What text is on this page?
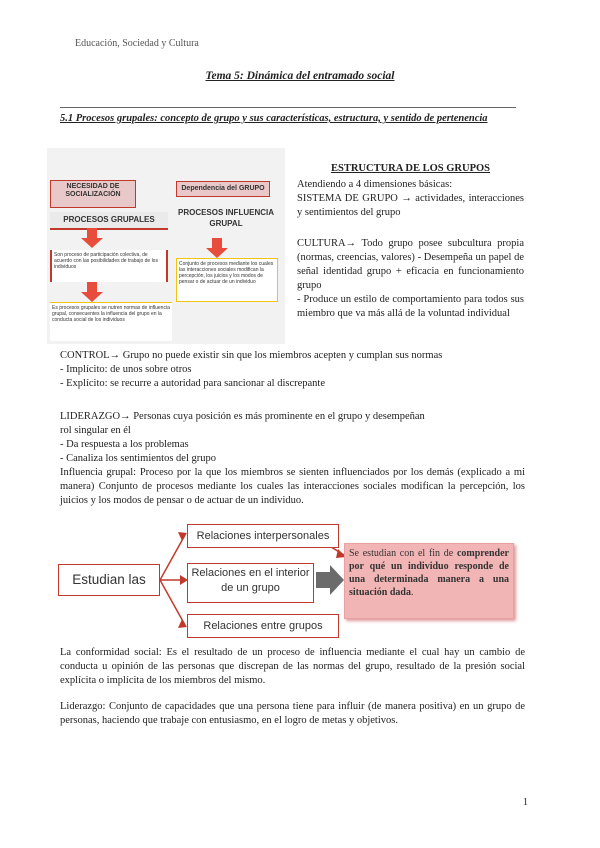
Educación, Sociedad y Cultura
Tema 5: Dinámica del entramado social
5.1 Procesos grupales: concepto de grupo y sus características, estructura, y sentido de pertenencia
NECESIDAD DE SOCIALIZACIÓN
Dependencia del GRUPO
PROCESOS GRUPALES
PROCESOS INFLUENCIA GRUPAL
Son proceso de participación colectiva, de acuerdo con las posibilidades de trabajo de los individuos	Conjunto de procesos mediante los cuales las interacciones sociales modifican la percepción, los juicios y los modos de pensar o de actuar de un individuo
Es procesos grupales se nutren normas de influencia grupal, consecuentes la influencia del grupo en la conducta social de los individuos
ESTRUCTURA DE LOS GRUPOS
Atendiendo a 4 dimensiones básicas:
SISTEMA DE GRUPO → actividades, interacciones y sentimientos del grupo
CULTURA→ Todo grupo posee subcultura propia (normas, creencias, valores) - Desempeña un papel de señal identidad grupo + eficacia en funcionamiento grupo
- Produce un estilo de comportamiento para todos sus miembro que va más allá de la voluntad individual
CONTROL→ Grupo no puede existir sin que los miembros acepten y cumplan sus normas
- Implícito: de unos sobre otros
- Explícito: se recurre a autoridad para sancionar al discrepante
LIDERAZGO→ Personas cuya posición es más prominente en el grupo y desempeñan
rol singular en él
- Da respuesta a los problemas
- Canaliza los sentimientos del grupo
Influencia grupal: Proceso por la que los miembros se sienten influenciados por los demás (explicado a mi manera) Conjunto de procesos mediante los cuales las interacciones sociales modifican la percepción, los juicios y los modos de pensar o de actuar de un individuo.
Estudian las
Relaciones interpersonales
Relaciones en el interior de un grupo
Relaciones entre grupos
Se estudian con el fin de comprender por qué un individuo responde de una determinada manera a una situación dada.
La conformidad social: Es el resultado de un proceso de influencia mediante el cual hay un cambio de conducta u opinión de las personas que discrepan de las normas del grupo, resultado de la presión social explícita o implícita de los miembros del mismo.
Liderazgo: Conjunto de capacidades que una persona tiene para influir (de manera positiva) en un grupo de personas, haciendo que trabaje con entusiasmo, en el logro de metas y objetivos.
1
